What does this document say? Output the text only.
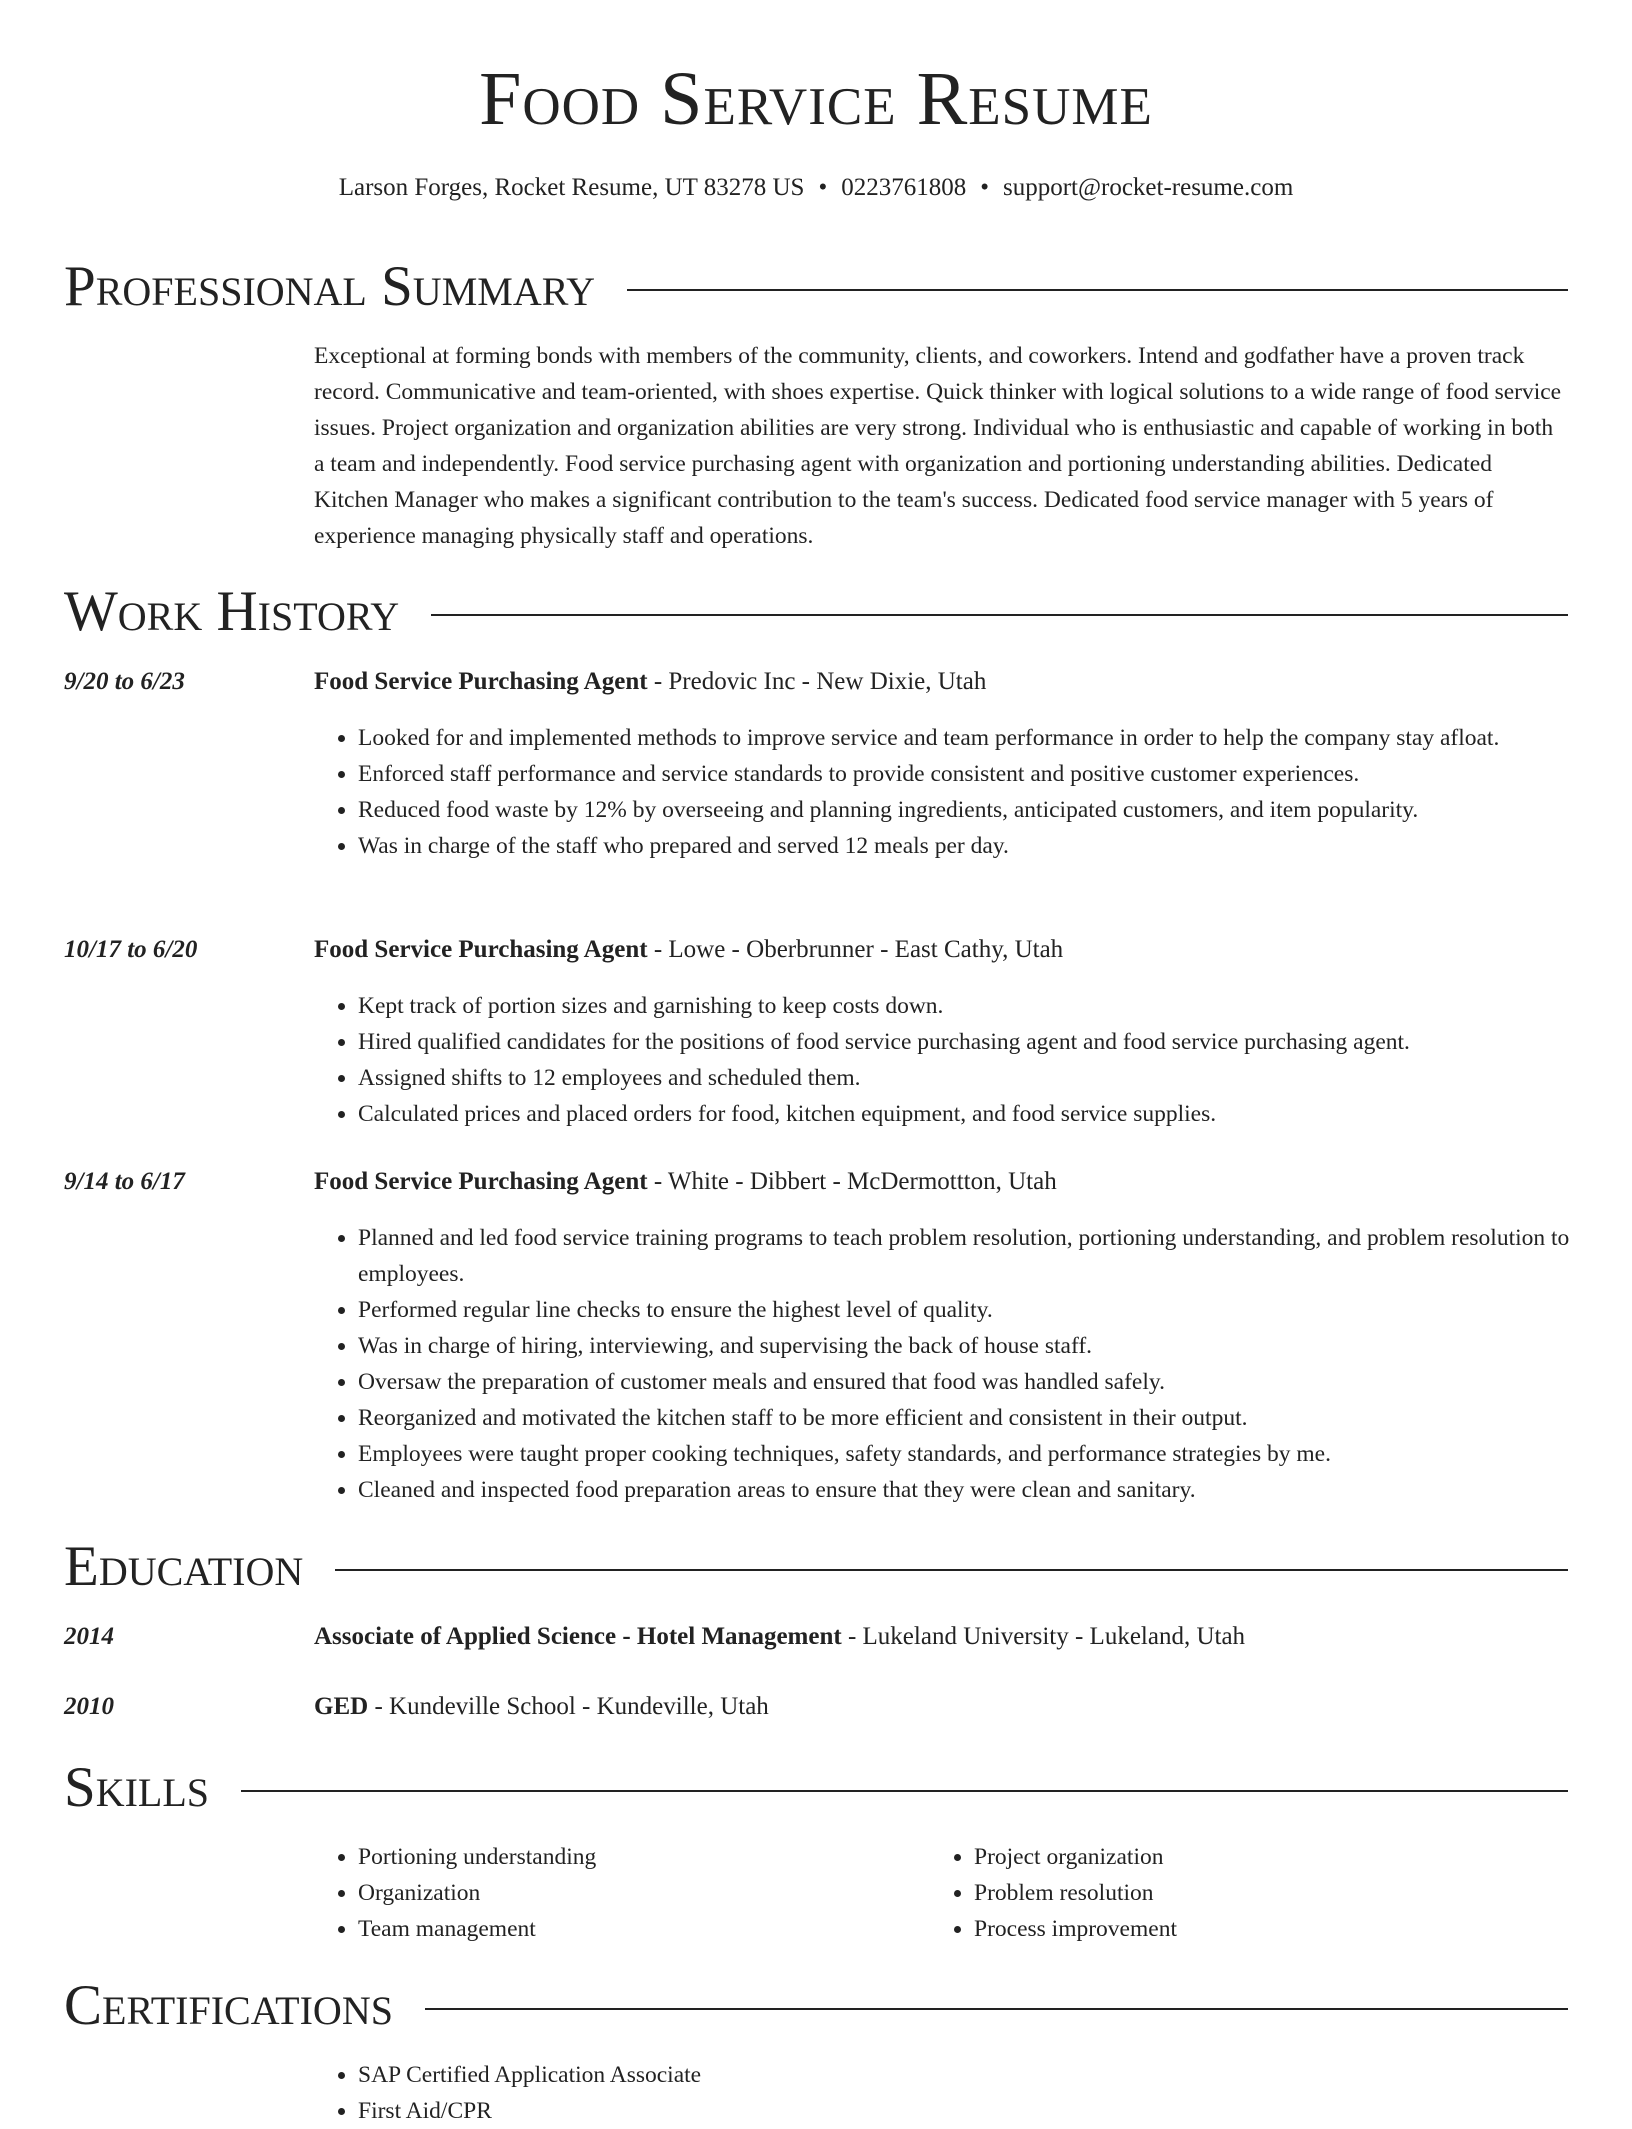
Food Service Resume
Larson Forges, Rocket Resume, UT 83278 US • 0223761808 • support@rocket-resume.com
Professional Summary
Exceptional at forming bonds with members of the community, clients, and coworkers. Intend and godfather have a proven track record. Communicative and team-oriented, with shoes expertise. Quick thinker with logical solutions to a wide range of food service issues. Project organization and organization abilities are very strong. Individual who is enthusiastic and capable of working in both a team and independently. Food service purchasing agent with organization and portioning understanding abilities. Dedicated Kitchen Manager who makes a significant contribution to the team's success. Dedicated food service manager with 5 years of experience managing physically staff and operations.
Work History
9/20 to 6/23	Food Service Purchasing Agent - Predovic Inc - New Dixie, Utah
• Looked for and implemented methods to improve service and team performance in order to help the company stay afloat.
• Enforced staff performance and service standards to provide consistent and positive customer experiences.
• Reduced food waste by 12% by overseeing and planning ingredients, anticipated customers, and item popularity.
• Was in charge of the staff who prepared and served 12 meals per day.
10/17 to 6/20	Food Service Purchasing Agent - Lowe - Oberbrunner - East Cathy, Utah
• Kept track of portion sizes and garnishing to keep costs down.
• Hired qualified candidates for the positions of food service purchasing agent and food service purchasing agent.
• Assigned shifts to 12 employees and scheduled them.
• Calculated prices and placed orders for food, kitchen equipment, and food service supplies.
9/14 to 6/17	Food Service Purchasing Agent - White - Dibbert - McDermottton, Utah
• Planned and led food service training programs to teach problem resolution, portioning understanding, and problem resolution to employees.
• Performed regular line checks to ensure the highest level of quality.
• Was in charge of hiring, interviewing, and supervising the back of house staff.
• Oversaw the preparation of customer meals and ensured that food was handled safely.
• Reorganized and motivated the kitchen staff to be more efficient and consistent in their output.
• Employees were taught proper cooking techniques, safety standards, and performance strategies by me.
• Cleaned and inspected food preparation areas to ensure that they were clean and sanitary.
Education
2014	Associate of Applied Science - Hotel Management - Lukeland University - Lukeland, Utah
2010	GED - Kundeville School - Kundeville, Utah
Skills
• Portioning understanding
• Organization
• Team management
• Project organization
• Problem resolution
• Process improvement
Certifications
• SAP Certified Application Associate
• First Aid/CPR
